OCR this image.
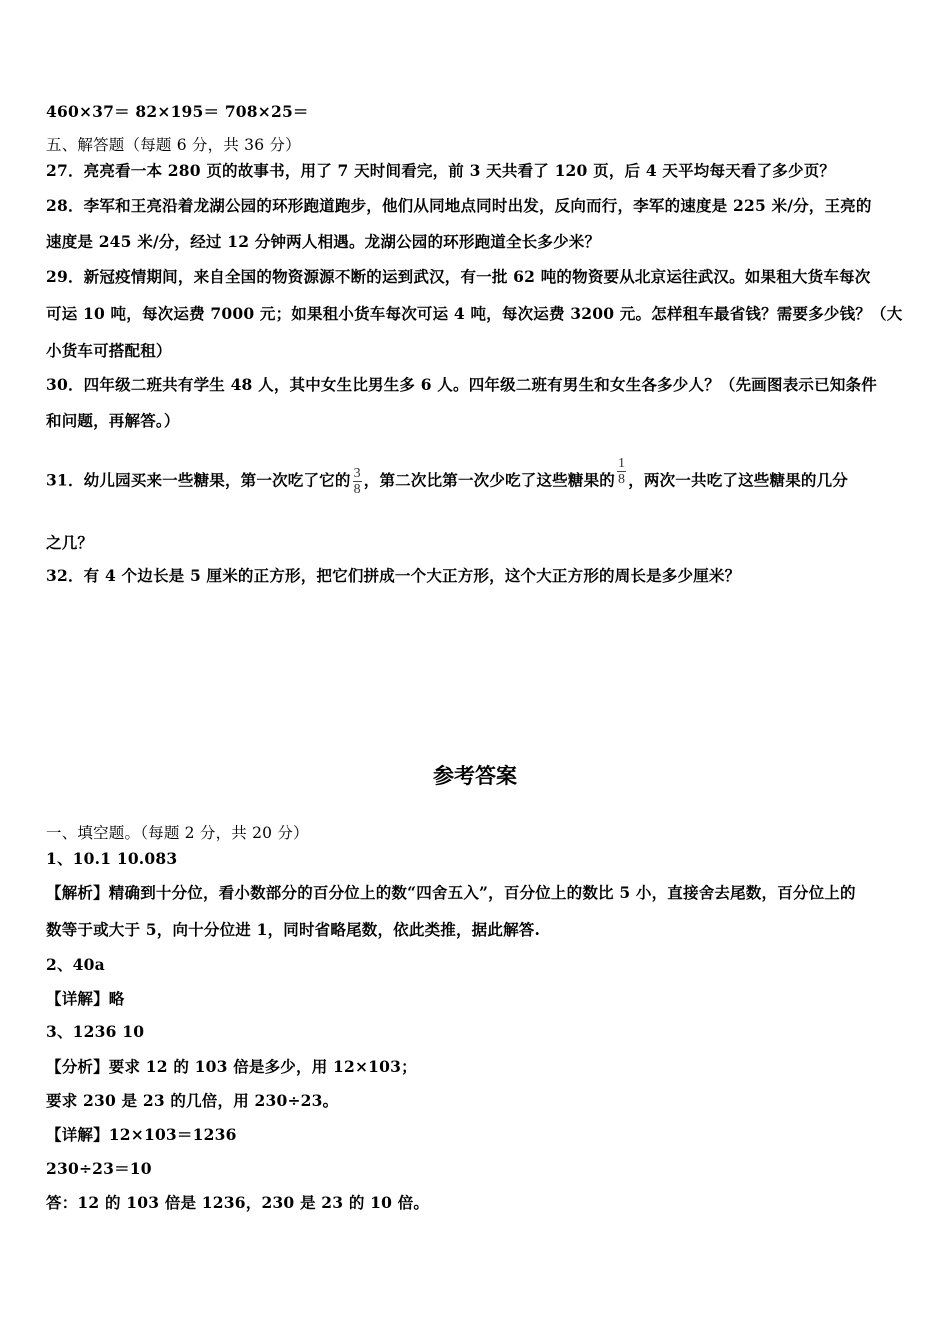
460×37＝ 82×195＝ 708×25＝
五、解答题（每题 6 分，共 36 分）
27．亮亮看一本 280 页的故事书，用了 7 天时间看完，前 3 天共看了 120 页，后 4 天平均每天看了多少页？
28．李军和王亮沿着龙湖公园的环形跑道跑步，他们从同地点同时出发，反向而行，李军的速度是 225 米/分，王亮的
速度是 245 米/分，经过 12 分钟两人相遇。龙湖公园的环形跑道全长多少米？
29．新冠疫情期间，来自全国的物资源源不断的运到武汉，有一批 62 吨的物资要从北京运往武汉。如果租大货车每次
可运 10 吨，每次运费 7000 元；如果租小货车每次可运 4 吨，每次运费 3200 元。怎样租车最省钱？需要多少钱？（大
小货车可搭配租）
30．四年级二班共有学生 48 人，其中女生比男生多 6 人。四年级二班有男生和女生各多少人？（先画图表示已知条件
和问题，再解答。）
31．幼儿园买来一些糖果，第一次吃了它的 $\frac{3}{8}$ ，第二次比第一次少吃了这些糖果的 $\frac{1}{8}$ ，两次一共吃了这些糖果的几分
之几？
32．有 4 个边长是 5 厘米的正方形，把它们拼成一个大正方形，这个大正方形的周长是多少厘米？
参考答案
一、填空题。（每题 2 分，共 20 分）
1、10.1 10.083
【解析】精确到十分位，看小数部分的百分位上的数“四舍五入”，百分位上的数比 5 小，直接舍去尾数，百分位上的
数等于或大于 5，向十分位进 1，同时省略尾数，依此类推，据此解答.
2、40a
【详解】略
3、1236 10
【分析】要求 12 的 103 倍是多少，用 12×103；
要求 230 是 23 的几倍，用 230÷23。
【详解】12×103＝1236
230÷23＝10
答：12 的 103 倍是 1236，230 是 23 的 10 倍。
